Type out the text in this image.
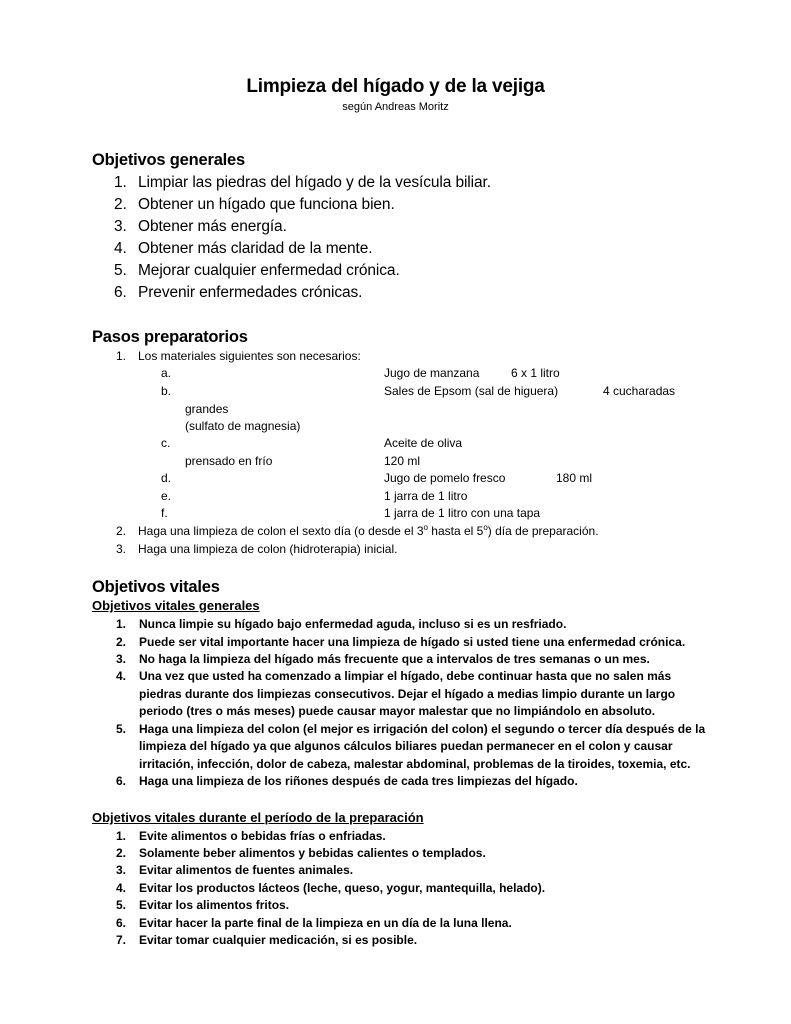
Limpieza del hígado y de la vejiga
según Andreas Moritz
Objetivos generales
1. Limpiar las piedras del hígado y de la vesícula biliar.
2. Obtener un hígado que funciona bien.
3. Obtener más energía.
4. Obtener más claridad de la mente.
5. Mejorar cualquier enfermedad crónica.
6. Prevenir enfermedades crónicas.
Pasos preparatorios
1. Los materiales siguientes son necesarios:
a.	Jugo de manzana	6 x 1 litro
b.	Sales de Epsom (sal de higuera)	4 cucharadas
grandes
(sulfato de magnesia)
c.	Aceite de oliva
prensado en frío	120 ml
d.	Jugo de pomelo fresco	180 ml
e.	1 jarra de 1 litro
f.	1 jarra de 1 litro con una tapa
2. Haga una limpieza de colon el sexto día (o desde el 3$^o$ hasta el 5$^o$) día de preparación.
3. Haga una limpieza de colon (hidroterapia) inicial.
Objetivos vitales
Objetivos vitales generales
1. Nunca limpie su hígado bajo enfermedad aguda, incluso si es un resfriado.
2. Puede ser vital importante hacer una limpieza de hígado si usted tiene una enfermedad crónica.
3. No haga la limpieza del hígado más frecuente que a intervalos de tres semanas o un mes.
4. Una vez que usted ha comenzado a limpiar el hígado, debe continuar hasta que no salen más
piedras durante dos limpiezas consecutivos. Dejar el hígado a medias limpio durante un largo
periodo (tres o más meses) puede causar mayor malestar que no limpiándolo en absoluto.
5. Haga una limpieza del colon (el mejor es irrigación del colon) el segundo o tercer día después de la
limpieza del hígado ya que algunos cálculos biliares puedan permanecer en el colon y causar
irritación, infección, dolor de cabeza, malestar abdominal, problemas de la tiroides, toxemia, etc.
6. Haga una limpieza de los riñones después de cada tres limpiezas del hígado.
Objetivos vitales durante el período de la preparación
1. Evite alimentos o bebidas frías o enfriadas.
2. Solamente beber alimentos y bebidas calientes o templados.
3. Evitar alimentos de fuentes animales.
4. Evitar los productos lácteos (leche, queso, yogur, mantequilla, helado).
5. Evitar los alimentos fritos.
6. Evitar hacer la parte final de la limpieza en un día de la luna llena.
7. Evitar tomar cualquier medicación, si es posible.
